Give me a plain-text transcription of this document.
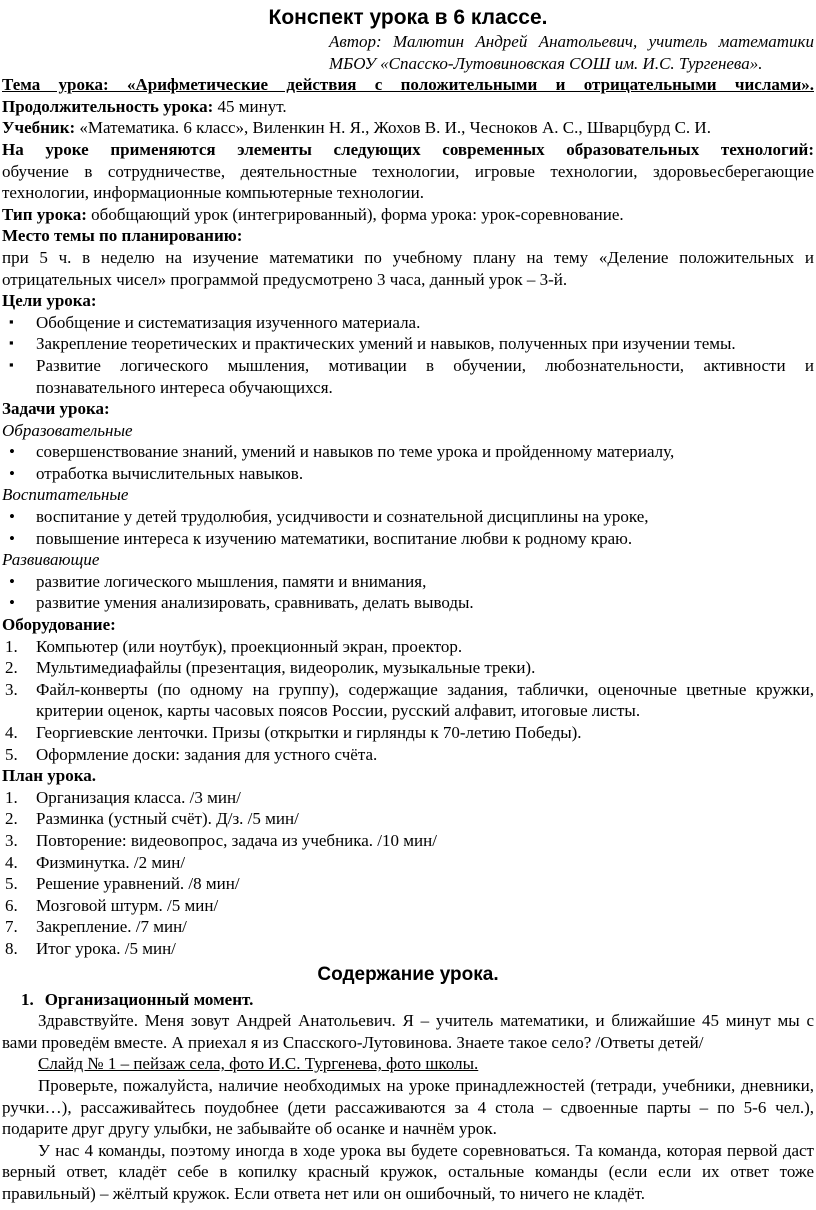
Конспект урока в 6 классе.
Автор: Малютин Андрей Анатольевич, учитель математики
МБОУ «Спасско-Лутовиновская СОШ им. И.С. Тургенева».
Тема урока: «Арифметические действия с положительными и отрицательными числами».

Продолжительность урока: 45 минут.

Учебник: «Математика. 6 класс», Виленкин Н. Я., Жохов В. И., Чесноков А. С., Шварцбурд С. И.

На уроке применяются элементы следующих современных образовательных технологий:

обучение в сотрудничестве, деятельностные технологии, игровые технологии, здоровьесберегающие технологии, информационные компьютерные технологии.

Тип урока: обобщающий урок (интегрированный), форма урока: урок-соревнование.

Место темы по планированию:

при 5 ч. в неделю на изучение математики по учебному плану на тему «Деление положительных и отрицательных чисел» программой предусмотрено 3 часа, данный урок – 3-й.

Цели урока:
▪ Обобщение и систематизация изученного материала.
▪ Закрепление теоретических и практических умений и навыков, полученных при изучении темы.
▪ Развитие логического мышления, мотивации в обучении, любознательности, активности и познавательного интереса обучающихся.
Задачи урока:
Образовательные
• совершенствование знаний, умений и навыков по теме урока и пройденному материалу,
• отработка вычислительных навыков.
Воспитательные
• воспитание у детей трудолюбия, усидчивости и сознательной дисциплины на уроке,
• повышение интереса к изучению математики, воспитание любви к родному краю.
Развивающие
• развитие логического мышления, памяти и внимания,
• развитие умения анализировать, сравнивать, делать выводы.
Оборудование:
Компьютер (или ноутбук), проекционный экран, проектор.
Мультимедиафайлы (презентация, видеоролик, музыкальные треки).
Файл-конверты (по одному на группу), содержащие задания, таблички, оценочные цветные кружки, критерии оценок, карты часовых поясов России, русский алфавит, итоговые листы.
Георгиевские ленточки. Призы (открытки и гирлянды к 70-летию Победы).
Оформление доски: задания для устного счёта.
План урока.
Организация класса. /3 мин/
Разминка (устный счёт). Д/з. /5 мин/
Повторение: видеовопрос, задача из учебника. /10 мин/
Физминутка. /2 мин/
Решение уравнений. /8 мин/
Мозговой штурм. /5 мин/
Закрепление. /7 мин/
Итог урока. /5 мин/
Содержание урока.
1. Организационный момент.

Здравствуйте. Меня зовут Андрей Анатольевич. Я – учитель математики, и ближайшие 45 минут мы с вами проведём вместе. А приехал я из Спасского-Лутовинова. Знаете такое село? /Ответы детей/

Слайд № 1 – пейзаж села, фото И.С. Тургенева, фото школы.

Проверьте, пожалуйста, наличие необходимых на уроке принадлежностей (тетради, учебники, дневники, ручки…), рассаживайтесь поудобнее (дети рассаживаются за 4 стола – сдвоенные парты – по 5-6 чел.), подарите друг другу улыбки, не забывайте об осанке и начнём урок.

У нас 4 команды, поэтому иногда в ходе урока вы будете соревноваться. Та команда, которая первой даст верный ответ, кладёт себе в копилку красный кружок, остальные команды (если если их ответ тоже правильный) – жёлтый кружок. Если ответа нет или он ошибочный, то ничего не кладёт.
